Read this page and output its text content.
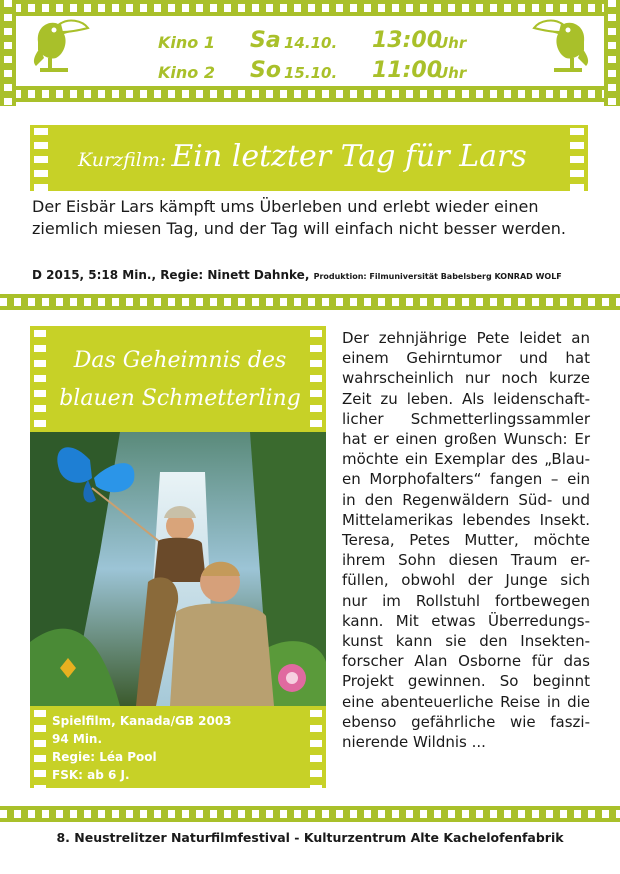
Kino 1 Sa 14.10. 13:00
Uhr
Kino 2 So 15.10. 11:00
Uhr
Kurzfilm: Ein letzter Tag für Lars

Der Eisbär Lars kämpft ums Überleben und erlebt wieder einen ziemlich miesen Tag, und der Tag will einfach nicht besser werden.

D 2015, 5:18 Min., Regie: Ninett Dahnke, Produktion: Filmuniversität Babelsberg KONRAD WOLF
Das Geheimnis des
blauen Schmetterling
Spielfilm, Kanada/GB 2003
94 Min.
Regie: Léa Pool
FSK: ab 6 J.
Der zehnjährige Pete leidet an
einem Gehirntumor und hat
wahrscheinlich nur noch kurze
Zeit zu leben. Als leidenschaft-
licher Schmetterlingssammler
hat er einen großen Wunsch: Er
möchte ein Exemplar des „Blau-
en Morphofalters“ fangen – ein
in den Regenwäldern Süd- und
Mittelamerikas lebendes Insekt.
Teresa, Petes Mutter, möchte
ihrem Sohn diesen Traum er-
füllen, obwohl der Junge sich
nur im Rollstuhl fortbewegen
kann. Mit etwas Überredungs-
kunst kann sie den Insekten-
forscher Alan Osborne für das
Projekt gewinnen. So beginnt
eine abenteuerliche Reise in die
ebenso gefährliche wie faszi-
nierende Wildnis ...
8. Neustrelitzer Naturfilmfestival - Kulturzentrum Alte Kachelofenfabrik
